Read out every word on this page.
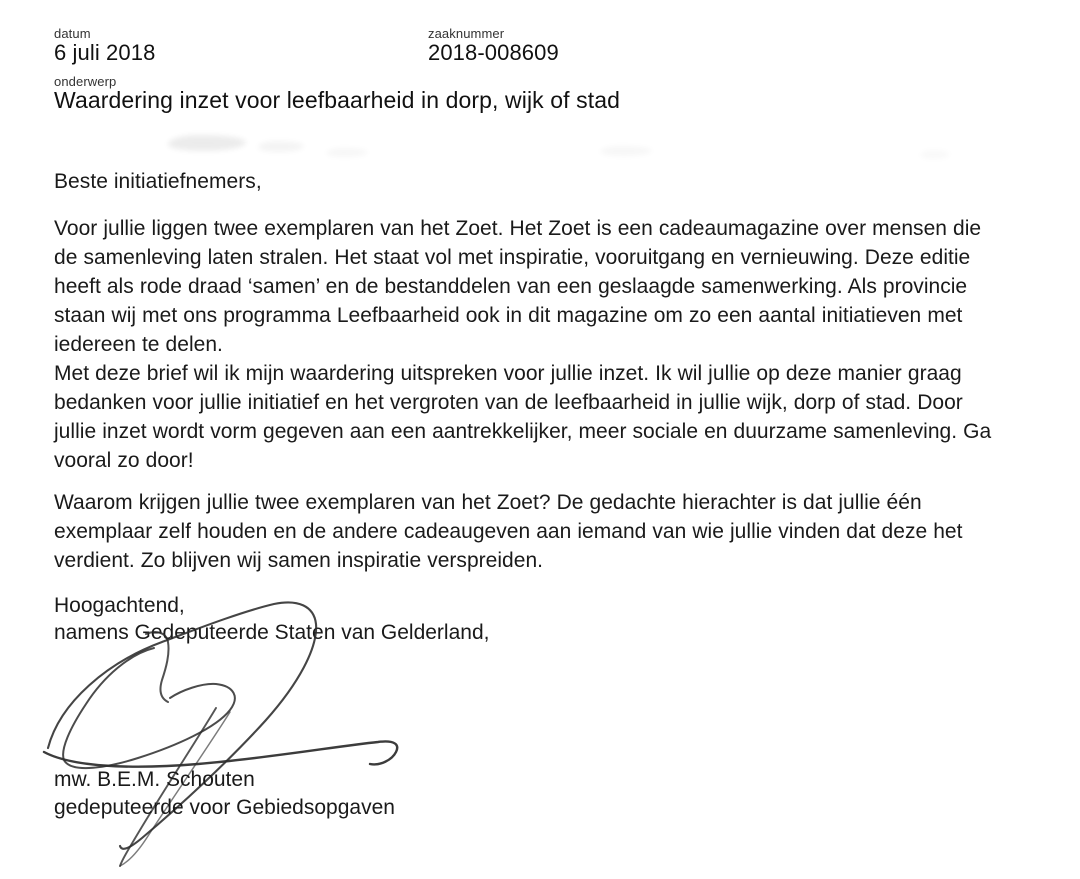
datum
6 juli 2018
zaaknummer
2018-008609
onderwerp
Waardering inzet voor leefbaarheid in dorp, wijk of stad
Beste initiatiefnemers,
Voor jullie liggen twee exemplaren van het Zoet. Het Zoet is een cadeaumagazine over mensen die de samenleving laten stralen. Het staat vol met inspiratie, vooruitgang en vernieuwing. Deze editie heeft als rode draad ‘samen’ en de bestanddelen van een geslaagde samenwerking. Als provincie staan wij met ons programma Leefbaarheid ook in dit magazine om zo een aantal initiatieven met iedereen te delen.
Met deze brief wil ik mijn waardering uitspreken voor jullie inzet. Ik wil jullie op deze manier graag bedanken voor jullie initiatief en het vergroten van de leefbaarheid in jullie wijk, dorp of stad. Door jullie inzet wordt vorm gegeven aan een aantrekkelijker, meer sociale en duurzame samenleving. Ga vooral zo door!
Waarom krijgen jullie twee exemplaren van het Zoet? De gedachte hierachter is dat jullie één exemplaar zelf houden en de andere cadeaugeven aan iemand van wie jullie vinden dat deze het verdient. Zo blijven wij samen inspiratie verspreiden.
Hoogachtend,
namens Gedeputeerde Staten van Gelderland,
mw. B.E.M. Schouten
gedeputeerde voor Gebiedsopgaven
